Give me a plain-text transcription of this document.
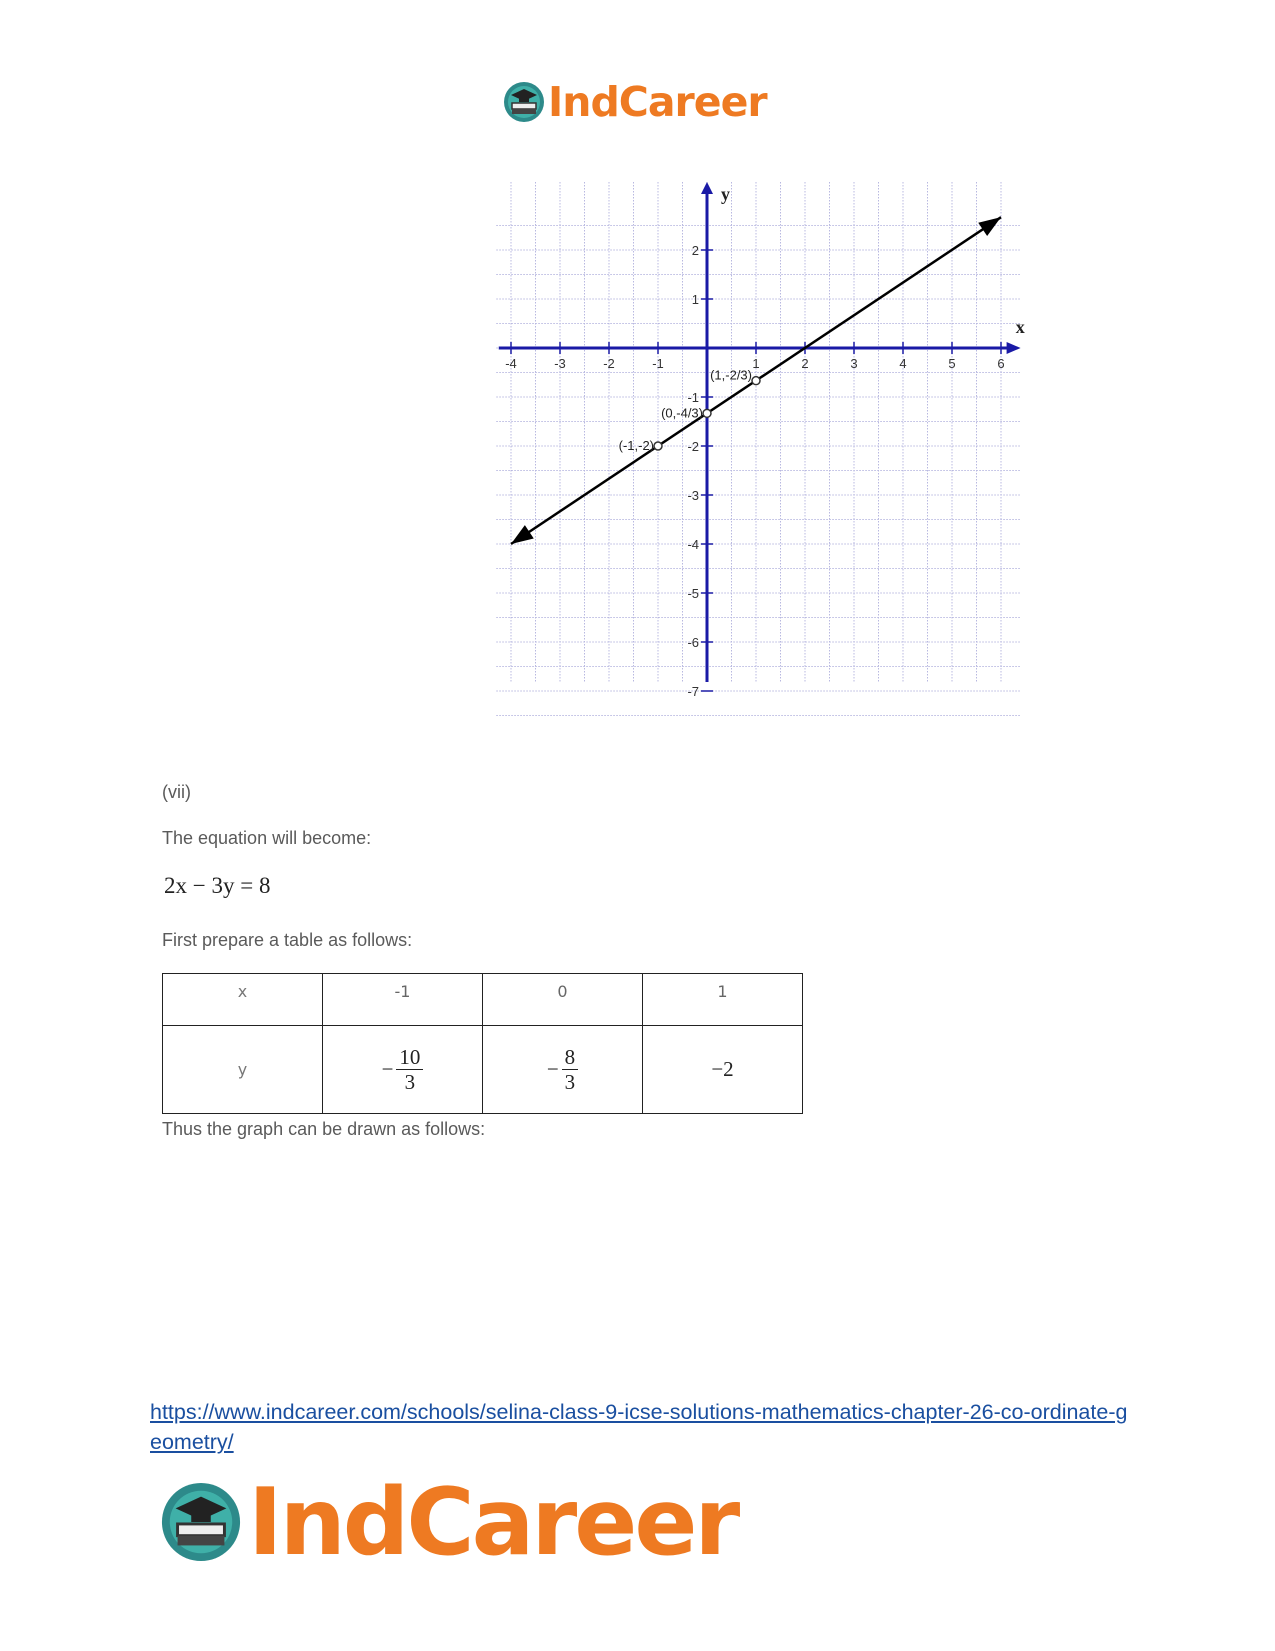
IndCareer
x
y
-4	-3	-2	-1	1	2	3	4	5	6
2
1
-1
-2
-3
-4
-5
-6
-7
(1,-2/3)
(0,-4/3)
(-1,-2)
(vii)
The equation will become:
2x − 3y = 8
First prepare a table as follows:
x	-1	0	1
y	− $\frac{10}{3}$	− $\frac{8}{3}$	−2
Thus the graph can be drawn as follows:
https://www.indcareer.com/schools/selina-class-9-icse-solutions-mathematics-chapter-26-co-ordinate-geometry/
IndCareer
